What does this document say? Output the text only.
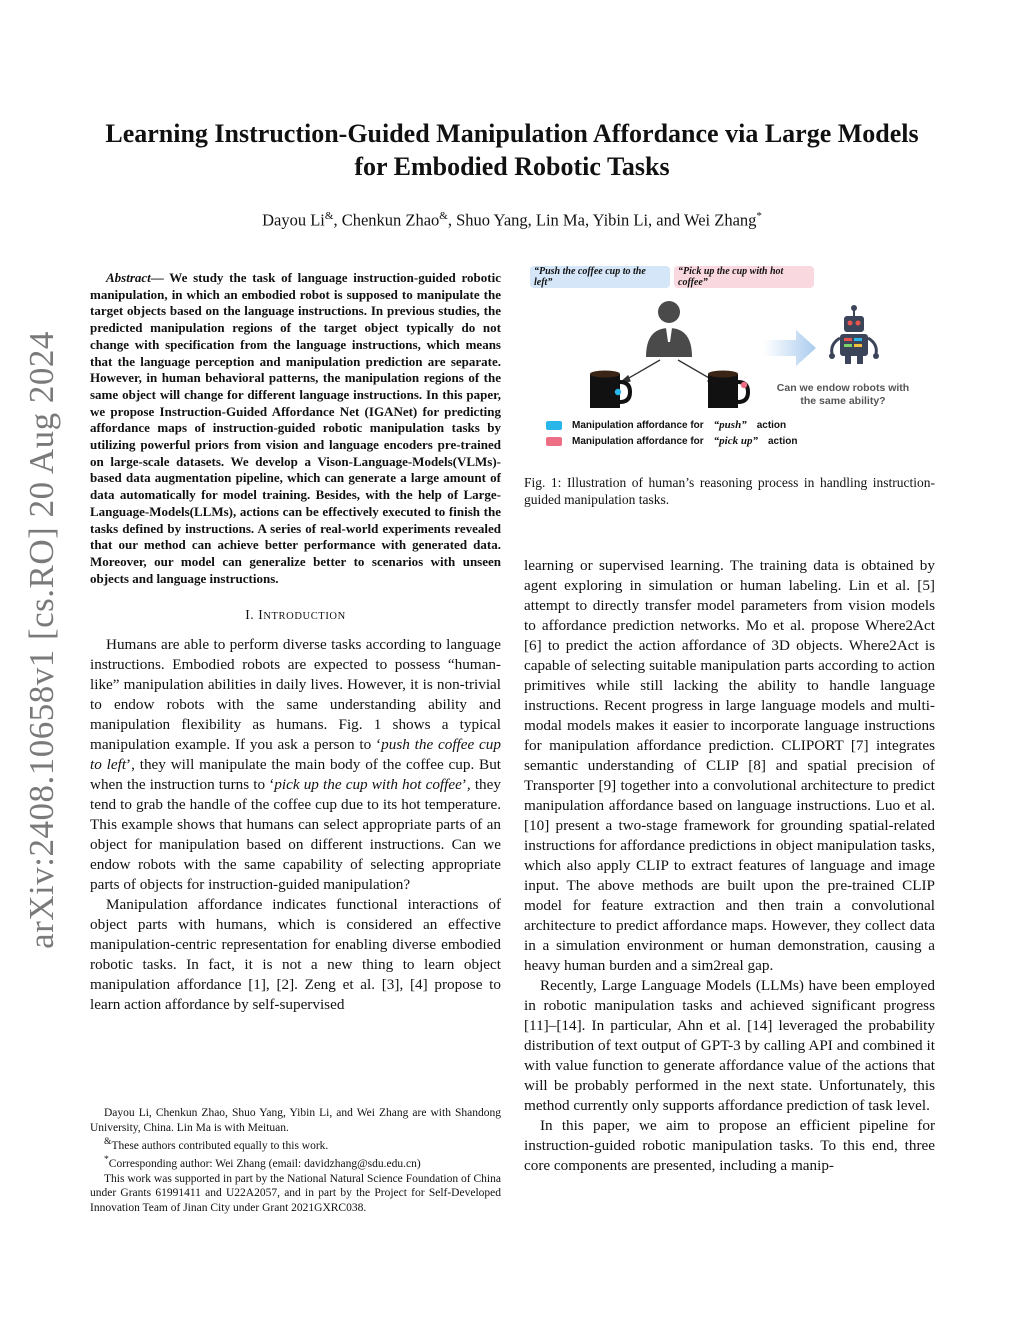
arXiv:2408.10658v1 [cs.RO] 20 Aug 2024
Learning Instruction-Guided Manipulation Affordance via Large Models for Embodied Robotic Tasks
Dayou Li&, Chenkun Zhao&, Shuo Yang, Lin Ma, Yibin Li, and Wei Zhang*

Abstract— We study the task of language instruction-guided robotic manipulation, in which an embodied robot is supposed to manipulate the target objects based on the language instructions. In previous studies, the predicted manipulation regions of the target object typically do not change with specification from the language instructions, which means that the language perception and manipulation prediction are separate. However, in human behavioral patterns, the manipulation regions of the same object will change for different language instructions. In this paper, we propose Instruction-Guided Affordance Net (IGANet) for predicting affordance maps of instruction-guided robotic manipulation tasks by utilizing powerful priors from vision and language encoders pre-trained on large-scale datasets. We develop a Vison-Language-Models(VLMs)-based data augmentation pipeline, which can generate a large amount of data automatically for model training. Besides, with the help of Large-Language-Models(LLMs), actions can be effectively executed to finish the tasks defined by instructions. A series of real-world experiments revealed that our method can achieve better performance with generated data. Moreover, our model can generalize better to scenarios with unseen objects and language instructions.

I. INTRODUCTION

Humans are able to perform diverse tasks according to language instructions. Embodied robots are expected to possess “human-like” manipulation abilities in daily lives. However, it is non-trivial to endow robots with the same understanding ability and manipulation flexibility as humans. Fig. 1 shows a typical manipulation example. If you ask a person to ‘push the coffee cup to left’, they will manipulate the main body of the coffee cup. But when the instruction turns to ‘pick up the cup with hot coffee’, they tend to grab the handle of the coffee cup due to its hot temperature. This example shows that humans can select appropriate parts of an object for manipulation based on different instructions. Can we endow robots with the same capability of selecting appropriate parts of objects for instruction-guided manipulation?

Manipulation affordance indicates functional interactions of object parts with humans, which is considered an effective manipulation-centric representation for enabling diverse embodied robotic tasks. In fact, it is not a new thing to learn object manipulation affordance [1], [2]. Zeng et al. [3], [4] propose to learn action affordance by self-supervised

Dayou Li, Chenkun Zhao, Shuo Yang, Yibin Li, and Wei Zhang are with Shandong University, China. Lin Ma is with Meituan.

&These authors contributed equally to this work.

*Corresponding author: Wei Zhang (email: davidzhang@sdu.edu.cn)

This work was supported in part by the National Natural Science Foundation of China under Grants 61991411 and U22A2057, and in part by the Project for Self-Developed Innovation Team of Jinan City under Grant 2021GXRC038.

“Push the coffee cup to the left”
“Pick up the cup with hot coffee”
Can we endow robots with the same ability?
Manipulation affordance for “push” action
Manipulation affordance for “pick up” action

Fig. 1: Illustration of human’s reasoning process in handling instruction-guided manipulation tasks.

learning or supervised learning. The training data is obtained by agent exploring in simulation or human labeling. Lin et al. [5] attempt to directly transfer model parameters from vision models to affordance prediction networks. Mo et al. propose Where2Act [6] to predict the action affordance of 3D objects. Where2Act is capable of selecting suitable manipulation parts according to action primitives while still lacking the ability to handle language instructions. Recent progress in large language models and multi-modal models makes it easier to incorporate language instructions for manipulation affordance prediction. CLIPORT [7] integrates semantic understanding of CLIP [8] and spatial precision of Transporter [9] together into a convolutional architecture to predict manipulation affordance based on language instructions. Luo et al. [10] present a two-stage framework for grounding spatial-related instructions for affordance predictions in object manipulation tasks, which also apply CLIP to extract features of language and image input. The above methods are built upon the pre-trained CLIP model for feature extraction and then train a convolutional architecture to predict affordance maps. However, they collect data in a simulation environment or human demonstration, causing a heavy human burden and a sim2real gap.

Recently, Large Language Models (LLMs) have been employed in robotic manipulation tasks and achieved significant progress [11]–[14]. In particular, Ahn et al. [14] leveraged the probability distribution of text output of GPT-3 by calling API and combined it with value function to generate affordance value of the actions that will be probably performed in the next state. Unfortunately, this method currently only supports affordance prediction of task level.

In this paper, we aim to propose an efficient pipeline for instruction-guided robotic manipulation tasks. To this end, three core components are presented, including a manip-
